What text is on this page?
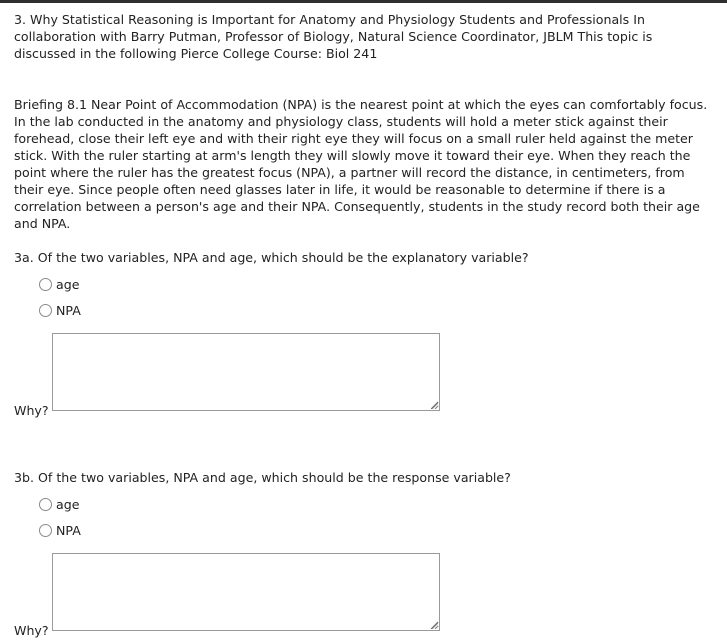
3. Why Statistical Reasoning is Important for Anatomy and Physiology Students and Professionals In collaboration with Barry Putman, Professor of Biology, Natural Science Coordinator, JBLM This topic is discussed in the following Pierce College Course: Biol 241

Briefing 8.1 Near Point of Accommodation (NPA) is the nearest point at which the eyes can comfortably focus. In the lab conducted in the anatomy and physiology class, students will hold a meter stick against their forehead, close their left eye and with their right eye they will focus on a small ruler held against the meter stick. With the ruler starting at arm's length they will slowly move it toward their eye. When they reach the point where the ruler has the greatest focus (NPA), a partner will record the distance, in centimeters, from their eye. Since people often need glasses later in life, it would be reasonable to determine if there is a correlation between a person's age and their NPA. Consequently, students in the study record both their age and NPA.

3a. Of the two variables, NPA and age, which should be the explanatory variable?

age
NPA

Why?

3b. Of the two variables, NPA and age, which should be the response variable?

age
NPA

Why?
